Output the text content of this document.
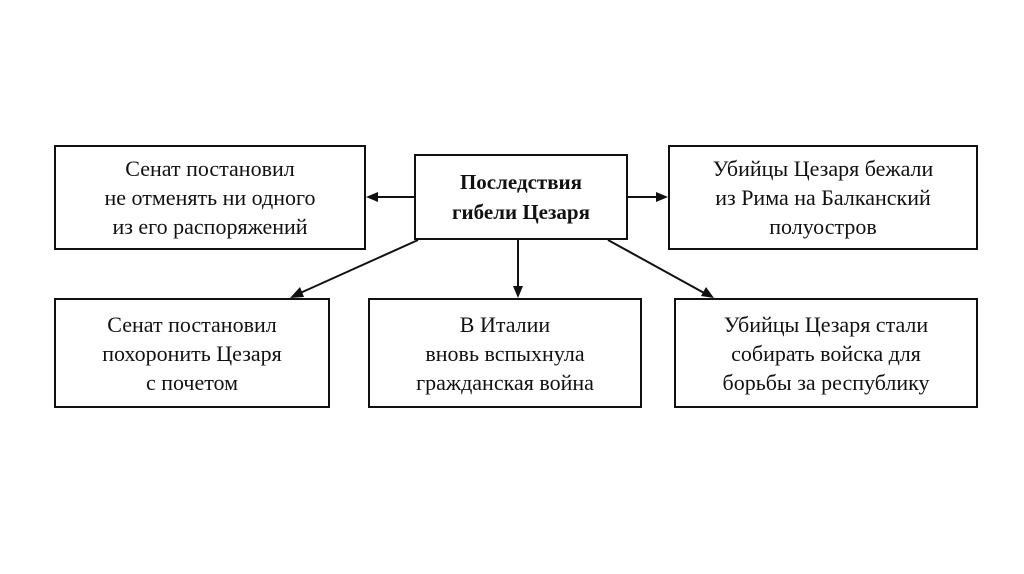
Последствия
гибели Цезаря
Сенат постановил
не отменять ни одного
из его распоряжений
Убийцы Цезаря бежали
из Рима на Балканский
полуостров
Сенат постановил
похоронить Цезаря
с почетом
В Италии
вновь вспыхнула
гражданская война
Убийцы Цезаря стали
собирать войска для
борьбы за республику
